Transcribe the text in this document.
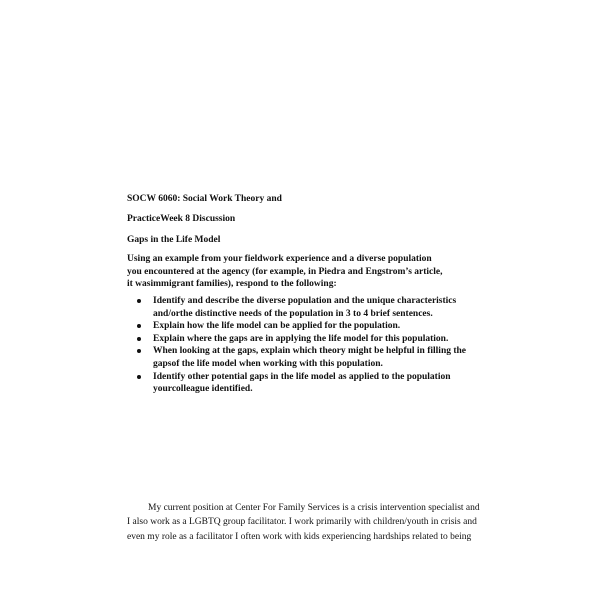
SOCW 6060: Social Work Theory and
PracticeWeek 8 Discussion
Gaps in the Life Model
Using an example from your fieldwork experience and a diverse population
you encountered at the agency (for example, in Piedra and Engstrom’s article,
it wasimmigrant families), respond to the following:
Identify and describe the diverse population and the unique characteristics
and/orthe distinctive needs of the population in 3 to 4 brief sentences.
Explain how the life model can be applied for the population.
Explain where the gaps are in applying the life model for this population.
When looking at the gaps, explain which theory might be helpful in filling the
gapsof the life model when working with this population.
Identify other potential gaps in the life model as applied to the population
yourcolleague identified.
My current position at Center For Family Services is a crisis intervention specialist and
I also work as a LGBTQ group facilitator. I work primarily with children/youth in crisis and
even my role as a facilitator I often work with kids experiencing hardships related to being
